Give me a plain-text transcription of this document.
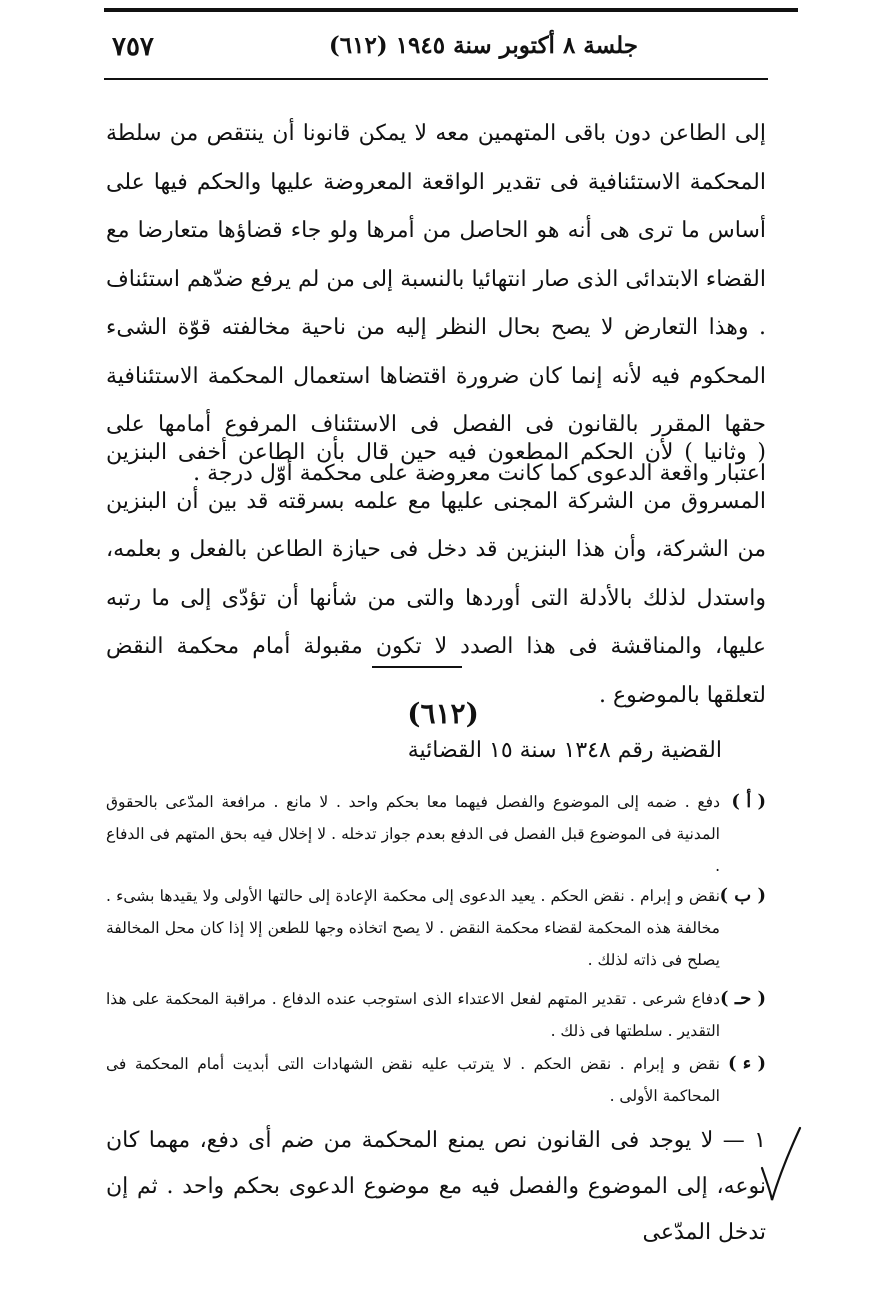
٧٥٧	جلسة ٨ أكتوبر سنة ١٩٤٥ (٦١٢)
إلى الطاعن دون باقى المتهمين معه لا يمكن قانونا أن ينتقص من سلطة المحكمة الاستئنافية فى تقدير الواقعة المعروضة عليها والحكم فيها على أساس ما ترى هى أنه هو الحاصل من أمرها ولو جاء قضاؤها متعارضا مع القضاء الابتدائى الذى صار انتهائيا بالنسبة إلى من لم يرفع ضدّهم استئناف . وهذا التعارض لا يصح بحال النظر إليه من ناحية مخالفته قوّة الشىء المحكوم فيه لأنه إنما كان ضرورة اقتضاها استعمال المحكمة الاستئنافية حقها المقرر بالقانون فى الفصل فى الاستئناف المرفوع أمامها على اعتبار واقعة الدعوى كما كانت معروضة على محكمة أوّل درجة .
( وثانيا ) لأن الحكم المطعون فيه حين قال بأن الطاعن أخفى البنزين المسروق من الشركة المجنى عليها مع علمه بسرقته قد بين أن البنزين من الشركة، وأن هذا البنزين قد دخل فى حيازة الطاعن بالفعل و بعلمه، واستدل لذلك بالأدلة التى أوردها والتى من شأنها أن تؤدّى إلى ما رتبه عليها، والمناقشة فى هذا الصدد لا تكون مقبولة أمام محكمة النقض لتعلقها بالموضوع .
(٦١٢)
القضية رقم ١٣٤٨ سنة ١٥ القضائية
( أ )
دفع . ضمه إلى الموضوع والفصل فيهما معا بحكم واحد . لا مانع . مرافعة المدّعى بالحقوق المدنية فى الموضوع قبل الفصل فى الدفع بعدم جواز تدخله . لا إخلال فيه بحق المتهم فى الدفاع .
( ب )
نقض و إبرام . نقض الحكم . يعيد الدعوى إلى محكمة الإعادة إلى حالتها الأولى ولا يقيدها بشىء . مخالفة هذه المحكمة لقضاء محكمة النقض . لا يصح اتخاذه وجها للطعن إلا إذا كان محل المخالفة يصلح فى ذاته لذلك .
( حـ )
دفاع شرعى . تقدير المتهم لفعل الاعتداء الذى استوجب عنده الدفاع . مراقبة المحكمة على هذا التقدير . سلطتها فى ذلك .
( ء )
نقض و إبرام . نقض الحكم . لا يترتب عليه نقض الشهادات التى أبديت أمام المحكمة فى المحاكمة الأولى .
١ — لا يوجد فى القانون نص يمنع المحكمة من ضم أى دفع، مهما كان نوعه، إلى الموضوع والفصل فيه مع موضوع الدعوى بحكم واحد . ثم إن تدخل المدّعى
